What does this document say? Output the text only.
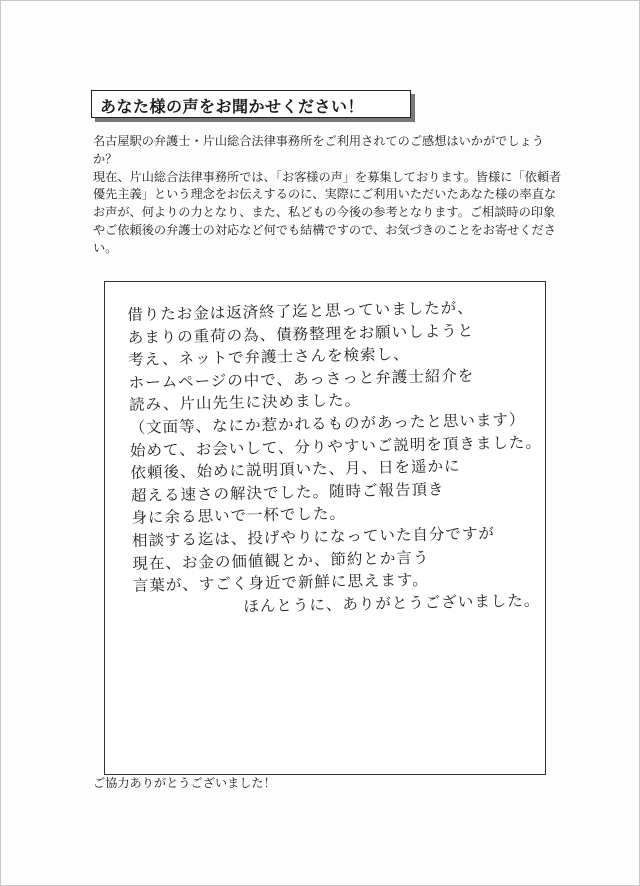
あなた様の声をお聞かせください！

名古屋駅の弁護士・片山総合法律事務所をご利用されてのご感想はいかがでしょうか？

現在、片山総合法律事務所では、「お客様の声」を募集しております。皆様に「依頼者優先主義」という理念をお伝えするのに、実際にご利用いただいたあなた様の率直なお声が、何よりの力となり、また、私どもの今後の参考となります。ご相談時の印象やご依頼後の弁護士の対応など何でも結構ですので、お気づきのことをお寄せください。

借りたお金は返済終了迄と思っていましたが、
あまりの重荷の為、債務整理をお願いしようと
考え、ネットで弁護士さんを検索し、
ホームページの中で、あっさっと弁護士紹介を
読み、片山先生に決めました。
（文面等、なにか惹かれるものがあったと思います）
始めて、お会いして、分りやすいご説明を頂きました。
依頼後、始めに説明頂いた、月、日を遥かに
超える速さの解決でした。随時ご報告頂き
身に余る思いで一杯でした。
相談する迄は、投げやりになっていた自分ですが
現在、お金の価値観とか、節約とか言う
言葉が、すごく身近で新鮮に思えます。
ほんとうに、ありがとうございました。
ご協力ありがとうございました！
